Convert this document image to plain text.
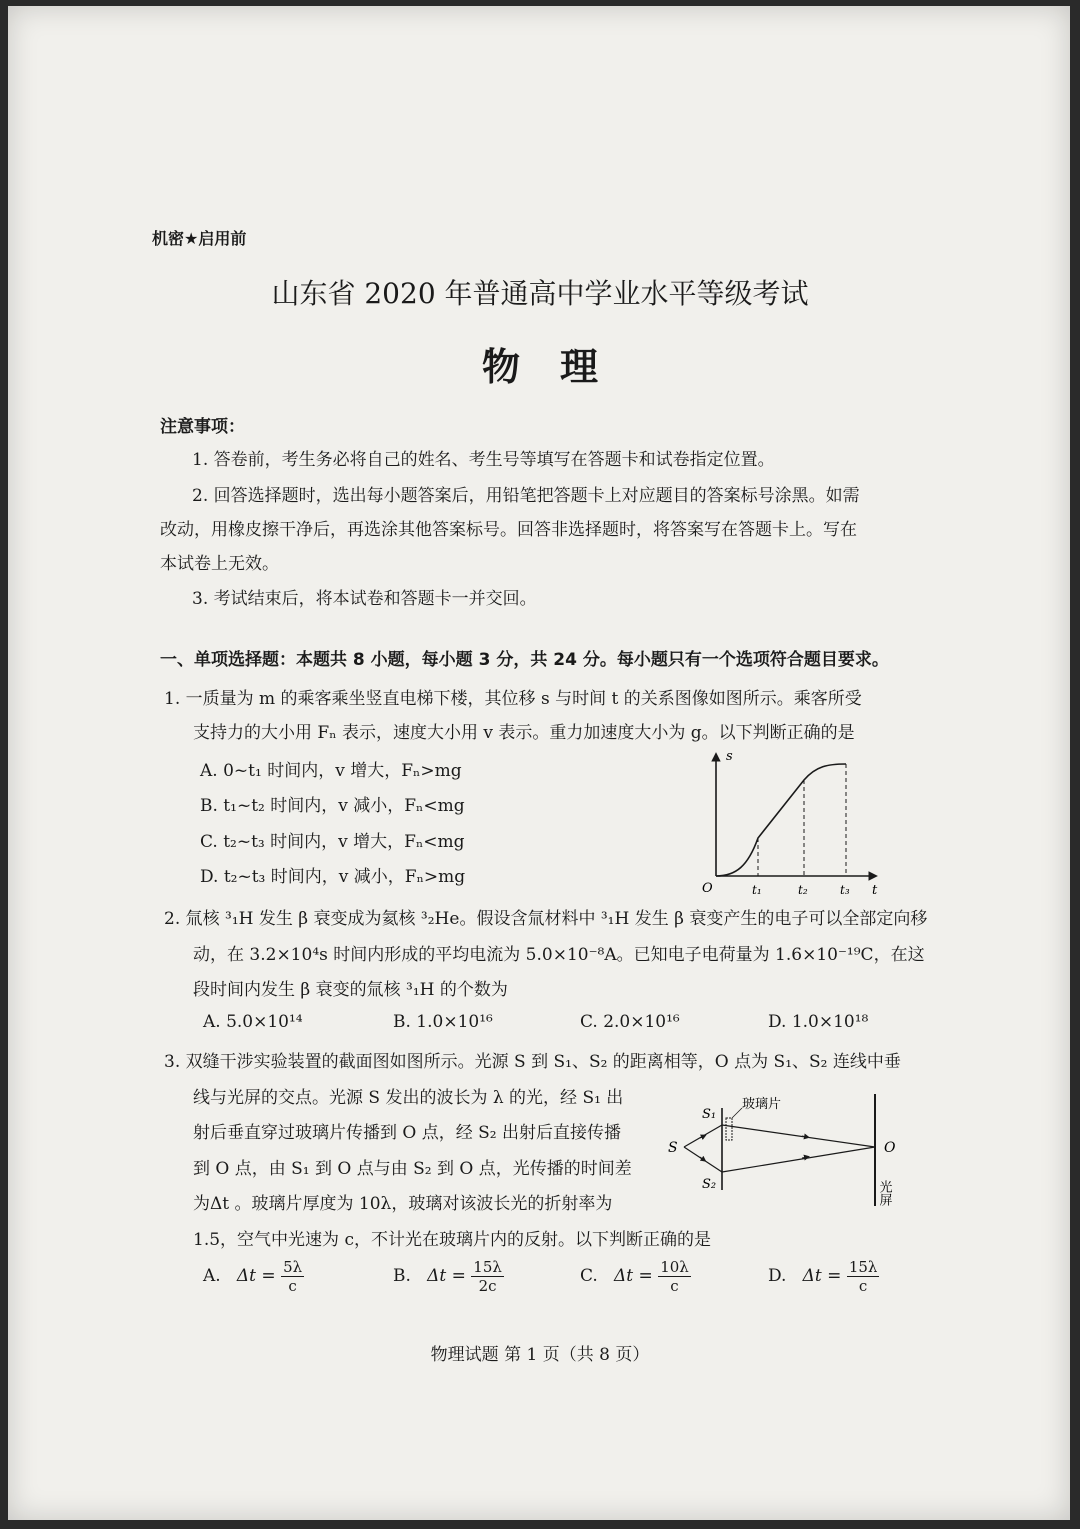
机密★启用前
山东省 2020 年普通高中学业水平等级考试
物理
注意事项：
1. 答卷前，考生务必将自己的姓名、考生号等填写在答题卡和试卷指定位置。
2. 回答选择题时，选出每小题答案后，用铅笔把答题卡上对应题目的答案标号涂黑。如需
改动，用橡皮擦干净后，再选涂其他答案标号。回答非选择题时，将答案写在答题卡上。写在
本试卷上无效。
3. 考试结束后，将本试卷和答题卡一并交回。
一、单项选择题：本题共 8 小题，每小题 3 分，共 24 分。每小题只有一个选项符合题目要求。
1. 一质量为 m 的乘客乘坐竖直电梯下楼，其位移 s 与时间 t 的关系图像如图所示。乘客所受
支持力的大小用 Fₙ 表示，速度大小用 v 表示。重力加速度大小为 g。以下判断正确的是
A. 0~t₁ 时间内，v 增大，Fₙ>mg
B. t₁~t₂ 时间内，v 减小，Fₙ<mg
C. t₂~t₃ 时间内，v 增大，Fₙ<mg
D. t₂~t₃ 时间内，v 减小，Fₙ>mg
s
t
O	t₁	t₂	t₃
2. 氚核 ³₁H 发生 β 衰变成为氦核 ³₂He。假设含氚材料中 ³₁H 发生 β 衰变产生的电子可以全部定向移
动，在 3.2×10⁴s 时间内形成的平均电流为 5.0×10⁻⁸A。已知电子电荷量为 1.6×10⁻¹⁹C，在这
段时间内发生 β 衰变的氚核 ³₁H 的个数为
A. 5.0×10¹⁴	B. 1.0×10¹⁶	C. 2.0×10¹⁶	D. 1.0×10¹⁸
3. 双缝干涉实验装置的截面图如图所示。光源 S 到 S₁、S₂ 的距离相等，O 点为 S₁、S₂ 连线中垂
线与光屏的交点。光源 S 发出的波长为 λ 的光，经 S₁ 出
射后垂直穿过玻璃片传播到 O 点，经 S₂ 出射后直接传播
到 O 点，由 S₁ 到 O 点与由 S₂ 到 O 点，光传播的时间差
为Δt 。玻璃片厚度为 10λ，玻璃对该波长光的折射率为
1.5，空气中光速为 c，不计光在玻璃片内的反射。以下判断正确的是
S
S₁
S₂
O
玻璃片
光屏
A. $\Delta t = \frac{5\lambda}{c}$	B. $\Delta t = \frac{15\lambda}{2c}$	C. $\Delta t = \frac{10\lambda}{c}$	D. $\Delta t = \frac{15\lambda}{c}$
物理试题 第 1 页（共 8 页）
